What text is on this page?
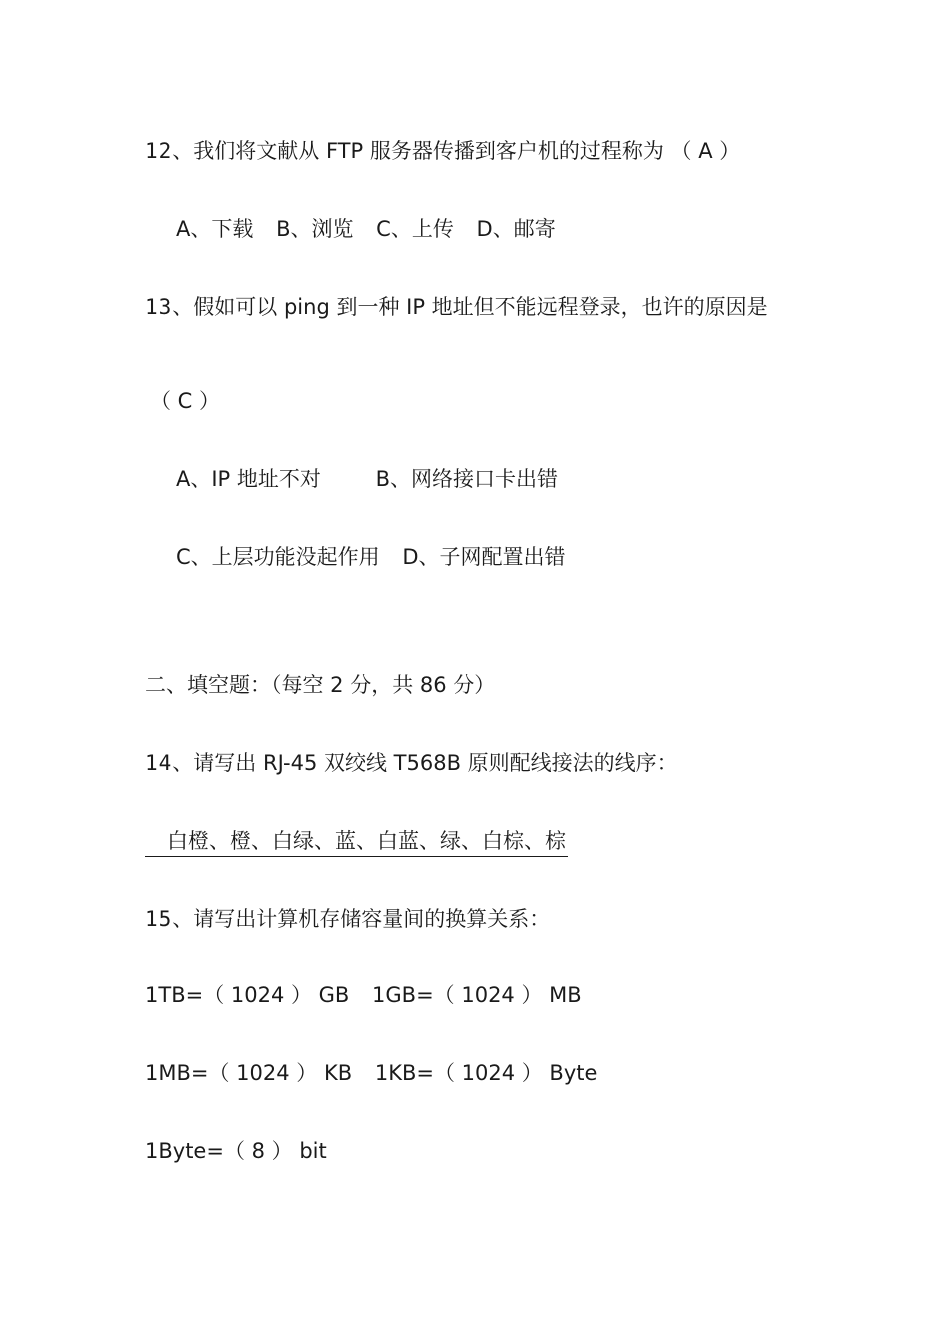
12、我们将文献从 FTP 服务器传播到客户机的过程称为 （ A ）
A、下载 B、浏览 C、上传 D、邮寄
13、假如可以 ping 到一种 IP 地址但不能远程登录，也许的原因是
（ C ）
A、IP 地址不对	B、网络接口卡出错
C、上层功能没起作用 D、子网配置出错
二、填空题：（每空 2 分，共 86 分）
14、请写出 RJ-45 双绞线 T568B 原则配线接法的线序：
白橙、橙、白绿、蓝、白蓝、绿、白棕、棕
15、请写出计算机存储容量间的换算关系：
1TB=（ 1024 ） GB 1GB=（ 1024 ） MB
1MB=（ 1024 ） KB 1KB=（ 1024 ） Byte
1Byte=（ 8 ） bit
